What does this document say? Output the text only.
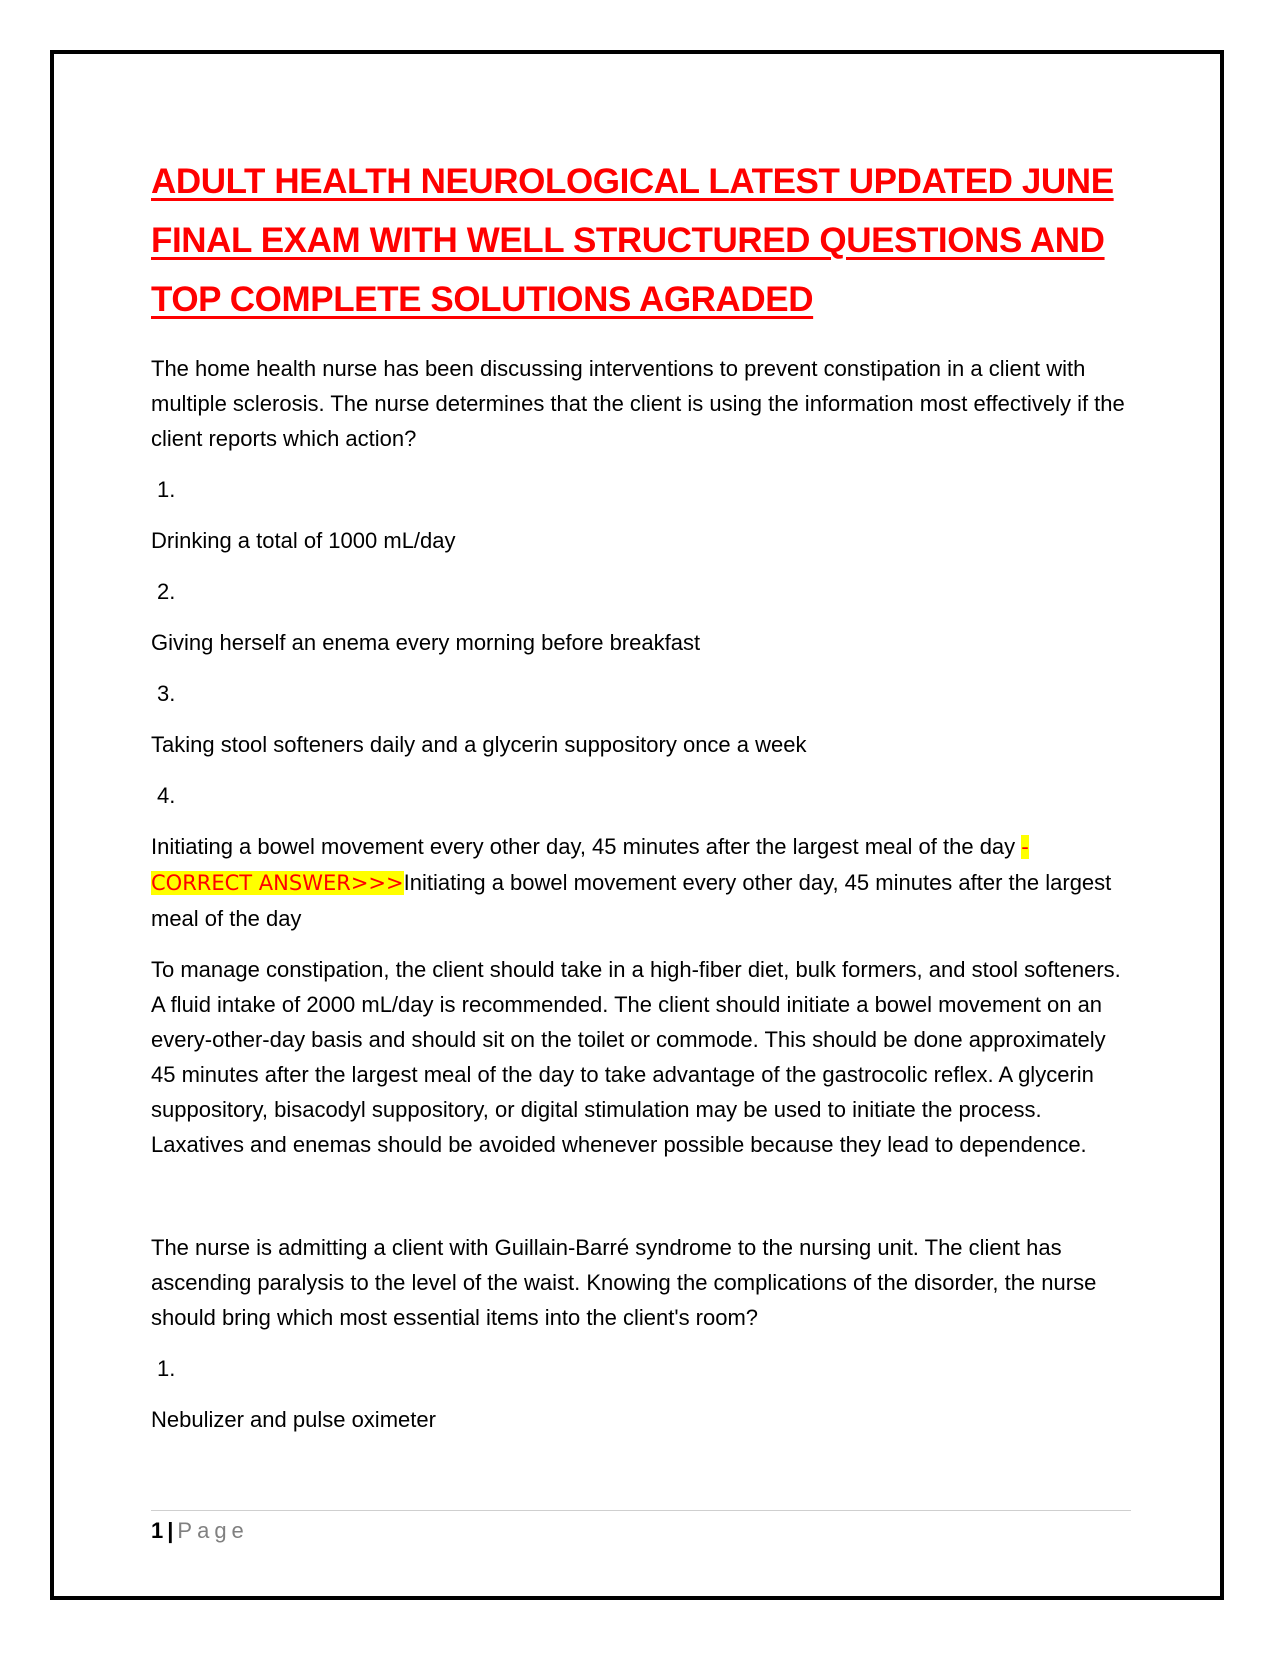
ADULT HEALTH NEUROLOGICAL LATEST UPDATED JUNE FINAL EXAM WITH WELL STRUCTURED QUESTIONS AND TOP COMPLETE SOLUTIONS AGRADED

The home health nurse has been discussing interventions to prevent constipation in a client with multiple sclerosis. The nurse determines that the client is using the information most effectively if the client reports which action?

1.

Drinking a total of 1000 mL/day

2.

Giving herself an enema every morning before breakfast

3.

Taking stool softeners daily and a glycerin suppository once a week

4.

Initiating a bowel movement every other day, 45 minutes after the largest meal of the day - CORRECT ANSWER>>>Initiating a bowel movement every other day, 45 minutes after the largest meal of the day

To manage constipation, the client should take in a high-fiber diet, bulk formers, and stool softeners. A fluid intake of 2000 mL/day is recommended. The client should initiate a bowel movement on an every-other-day basis and should sit on the toilet or commode. This should be done approximately 45 minutes after the largest meal of the day to take advantage of the gastrocolic reflex. A glycerin suppository, bisacodyl suppository, or digital stimulation may be used to initiate the process. Laxatives and enemas should be avoided whenever possible because they lead to dependence.

The nurse is admitting a client with Guillain-Barré syndrome to the nursing unit. The client has ascending paralysis to the level of the waist. Knowing the complications of the disorder, the nurse should bring which most essential items into the client's room?

1.

Nebulizer and pulse oximeter

1 | Page
